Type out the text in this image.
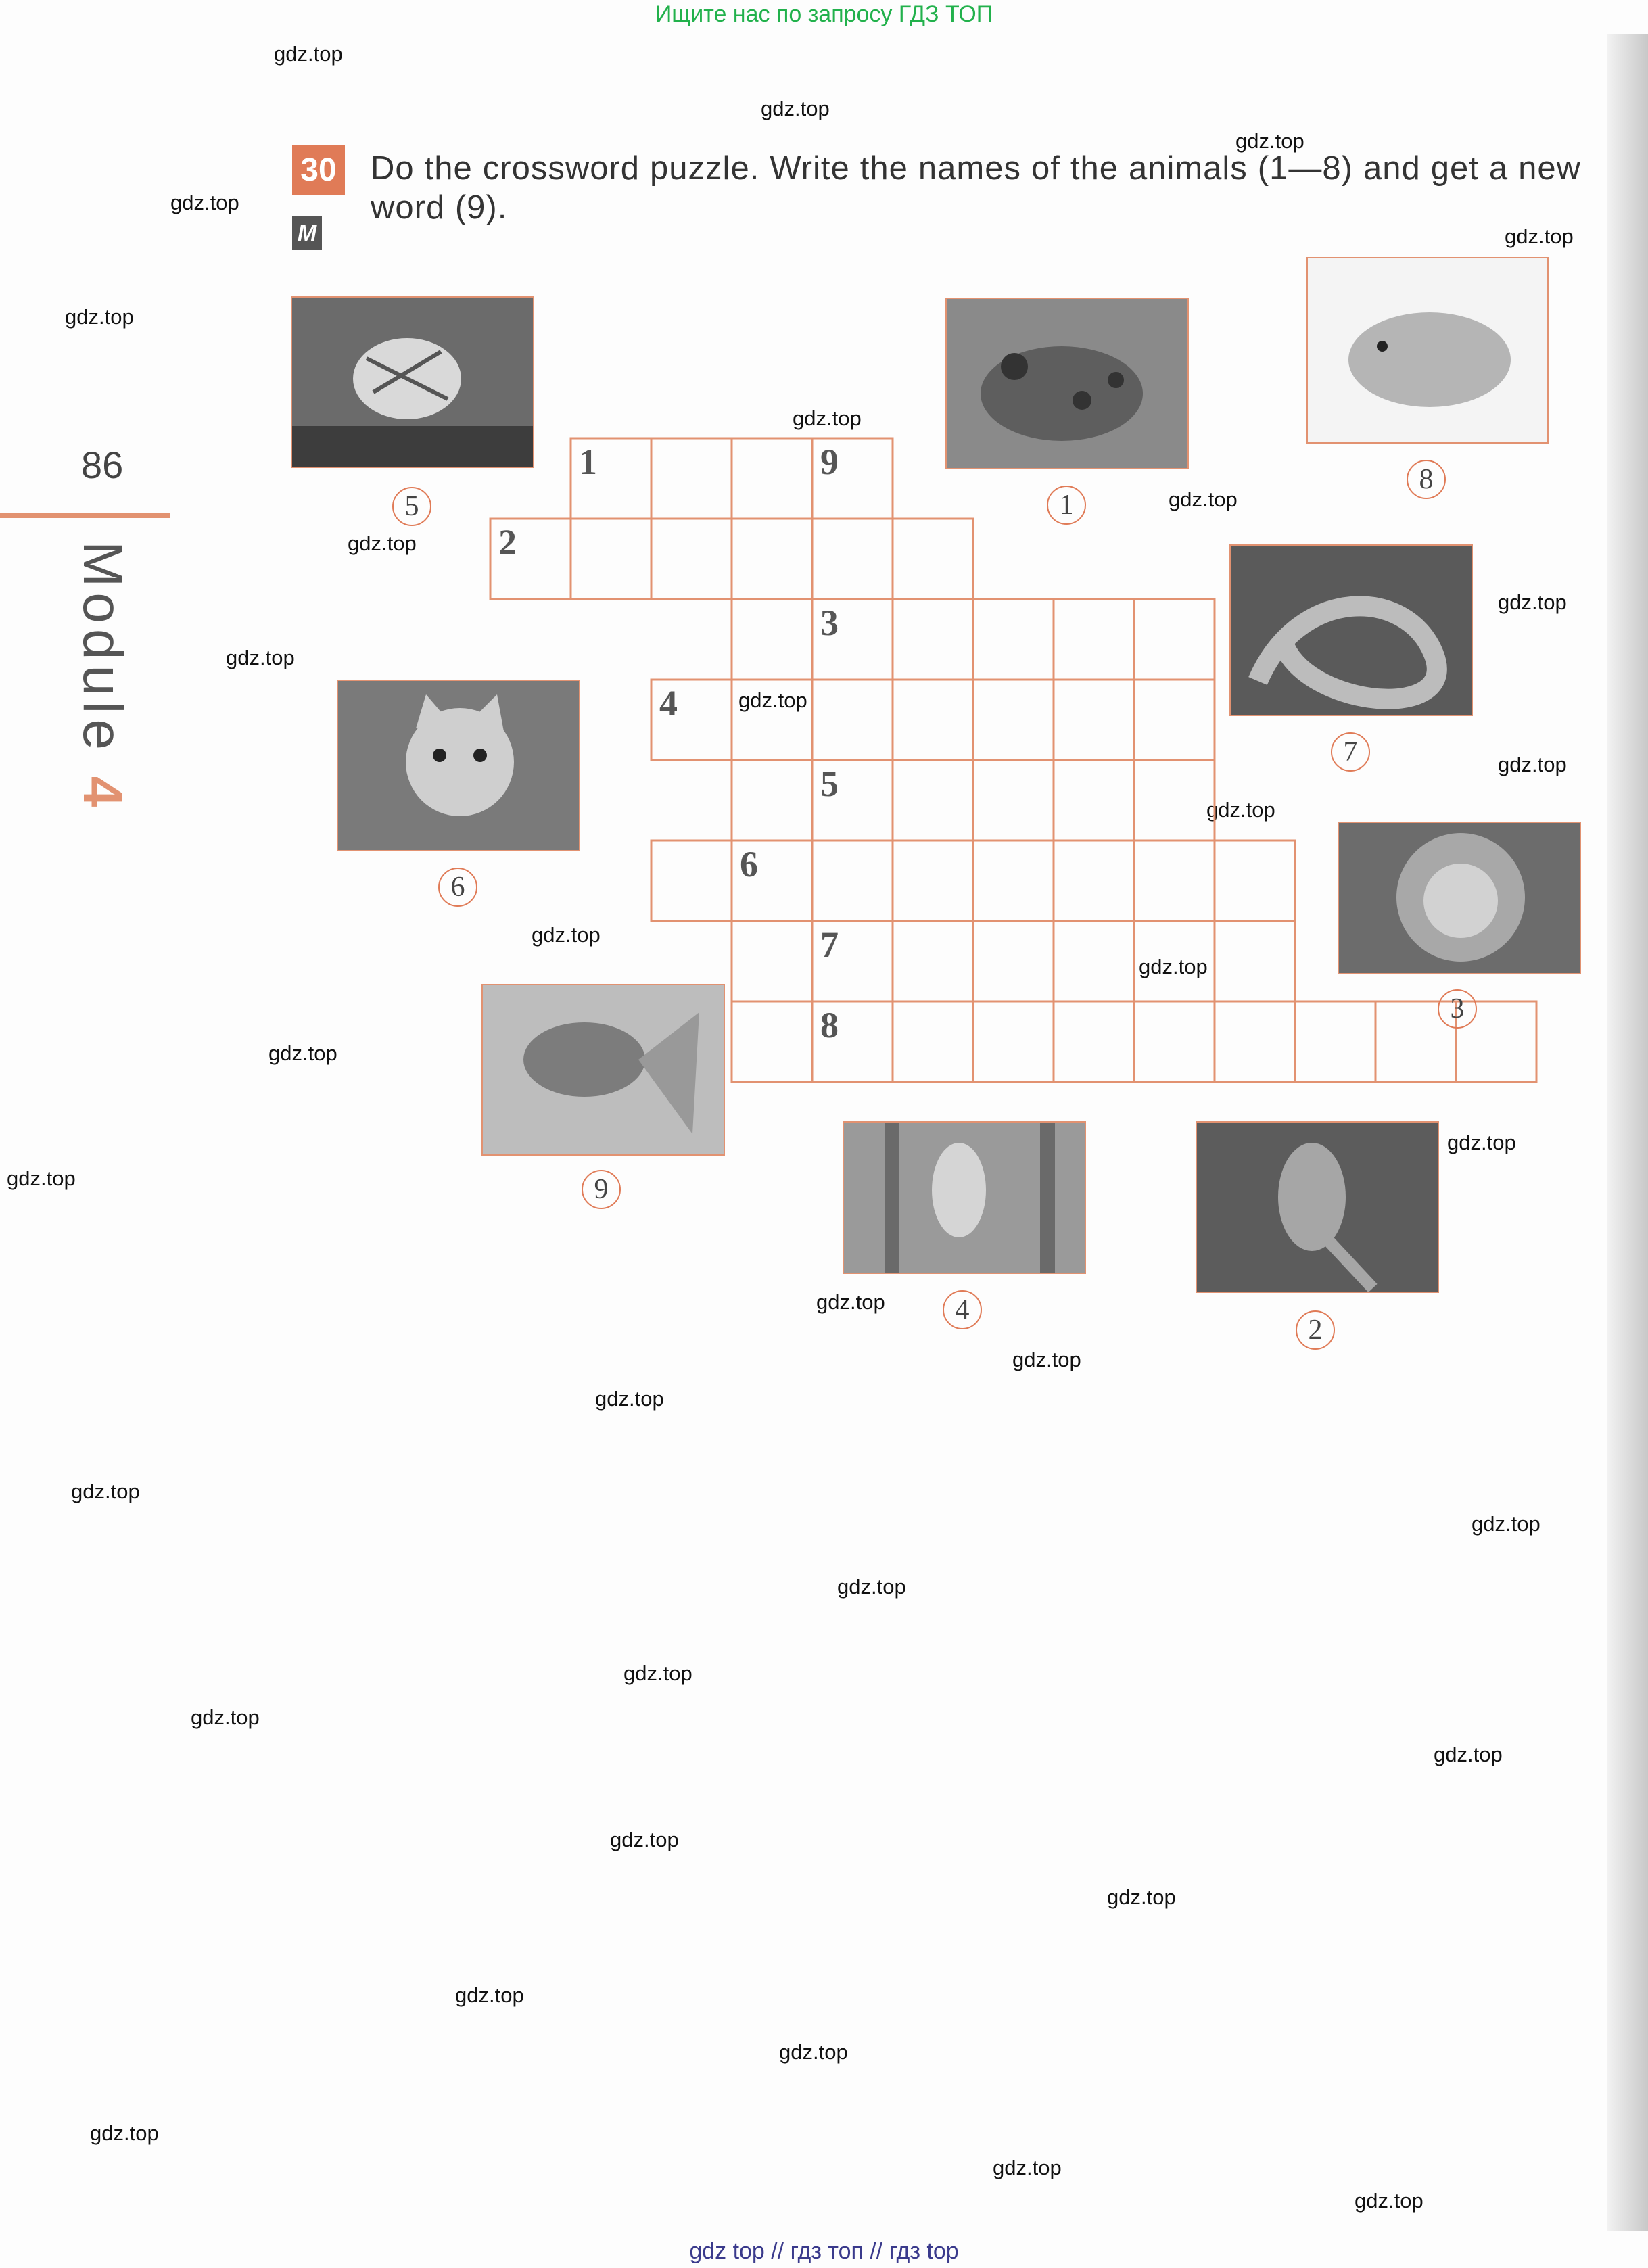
Ищите нас по запросу ГДЗ ТОП
gdz.top
gdz.top
gdz.top
gdz.top
gdz.top
gdz.top
gdz.top
gdz.top
gdz.top
gdz.top
gdz.top
gdz.top
gdz.top
gdz.top
gdz.top
gdz.top
gdz.top
gdz.top
gdz.top
gdz.top
gdz.top
gdz.top
gdz.top
gdz.top
gdz.top
gdz.top
gdz.top
gdz.top
gdz.top
gdz.top
gdz.top
gdz.top
gdz.top
gdz.top
gdz.top
86
Module 4
30
M
Do the crossword puzzle. Write the names of the animals (1—8) and get a new word (9).
1	9
2
3
4
5
6
7
8
5	1
8
7
6
3
9
4
2
gdz top // гдз топ // гдз top
